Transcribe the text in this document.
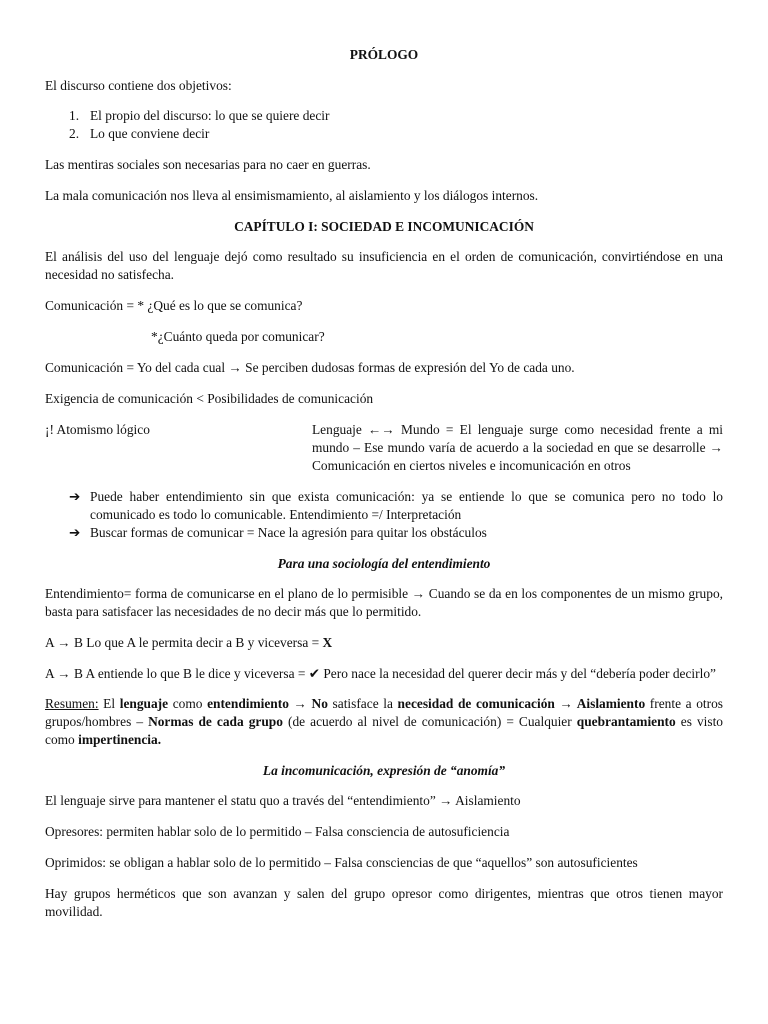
PRÓLOGO

El discurso contiene dos objetivos:

1. El propio del discurso: lo que se quiere decir
2. Lo que conviene decir

Las mentiras sociales son necesarias para no caer en guerras.

La mala comunicación nos lleva al ensimismamiento, al aislamiento y los diálogos internos.

CAPÍTULO I: SOCIEDAD E INCOMUNICACIÓN

El análisis del uso del lenguaje dejó como resultado su insuficiencia en el orden de comunicación, convirtiéndose en una necesidad no satisfecha.

Comunicación = * ¿Qué es lo que se comunica?

*¿Cuánto queda por comunicar?

Comunicación = Yo del cada cual → Se perciben dudosas formas de expresión del Yo de cada uno.

Exigencia de comunicación < Posibilidades de comunicación

¡! Atomismo lógico	Lenguaje ←→ Mundo = El lenguaje surge como necesidad frente a mi mundo – Ese mundo varía de acuerdo a la sociedad en que se desarrolle → Comunicación en ciertos niveles e incomunicación en otros
➔ Puede haber entendimiento sin que exista comunicación: ya se entiende lo que se comunica pero no todo lo comunicado es todo lo comunicable. Entendimiento =/ Interpretación
➔ Buscar formas de comunicar = Nace la agresión para quitar los obstáculos

Para una sociología del entendimiento

Entendimiento= forma de comunicarse en el plano de lo permisible → Cuando se da en los componentes de un mismo grupo, basta para satisfacer las necesidades de no decir más que lo permitido.

A → B Lo que A le permita decir a B y viceversa = X

A → B A entiende lo que B le dice y viceversa = ✔ Pero nace la necesidad del querer decir más y del “debería poder decirlo”

Resumen: El lenguaje como entendimiento → No satisface la necesidad de comunicación → Aislamiento frente a otros grupos/hombres – Normas de cada grupo (de acuerdo al nivel de comunicación) = Cualquier quebrantamiento es visto como impertinencia.

La incomunicación, expresión de “anomía”

El lenguaje sirve para mantener el statu quo a través del “entendimiento” → Aislamiento

Opresores: permiten hablar solo de lo permitido – Falsa consciencia de autosuficiencia

Oprimidos: se obligan a hablar solo de lo permitido – Falsa consciencias de que “aquellos” son autosuficientes

Hay grupos herméticos que son avanzan y salen del grupo opresor como dirigentes, mientras que otros tienen mayor movilidad.
